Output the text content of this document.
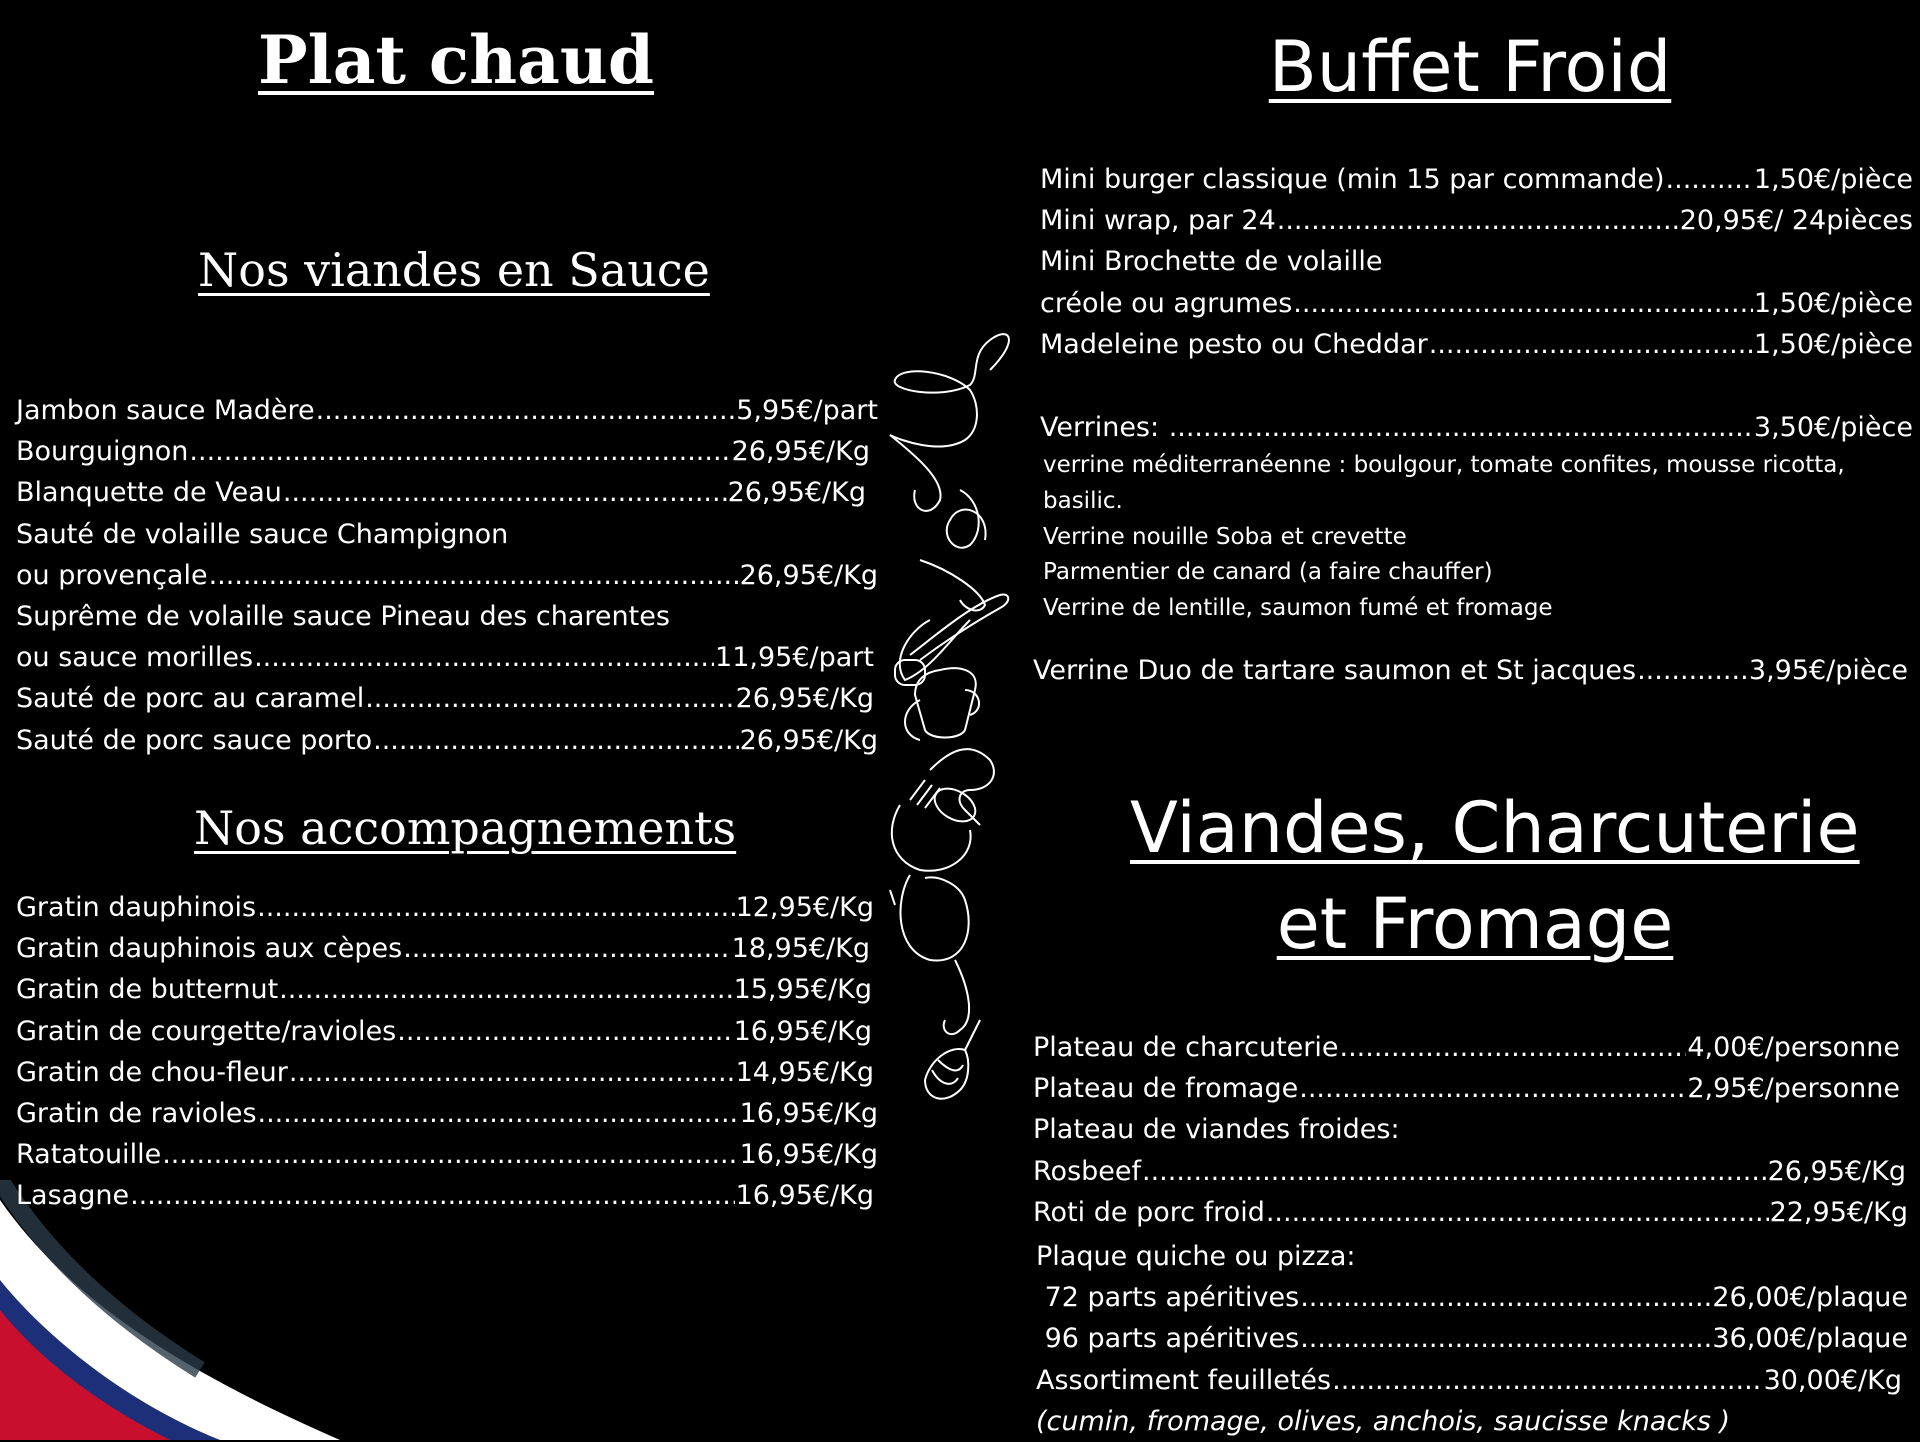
Plat chaud
Nos viandes en Sauce
Jambon sauce Madère .....	5,95€/part
Bourguignon .....	26,95€/Kg
Blanquette de Veau .....	26,95€/Kg
Sauté de volaille sauce Champignon
ou provençale .....	26,95€/Kg
Suprême de volaille sauce Pineau des charentes
ou sauce morilles .....	11,95€/part
Sauté de porc au caramel .....	26,95€/Kg
Sauté de porc sauce porto .....	26,95€/Kg
Nos accompagnements
Gratin dauphinois .....	12,95€/Kg
Gratin dauphinois aux cèpes .....	18,95€/Kg
Gratin de butternut .....	15,95€/Kg
Gratin de courgette/ravioles .....	16,95€/Kg
Gratin de chou-fleur .....	14,95€/Kg
Gratin de ravioles .....	16,95€/Kg
Ratatouille .....	16,95€/Kg
Lasagne .....	16,95€/Kg
Buffet Froid
Mini burger classique (min 15 par commande) .....	1,50€/pièce
Mini wrap, par 24 .....	20,95€/ 24pièces
Mini Brochette de volaille
créole ou agrumes .....	1,50€/pièce
Madeleine pesto ou Cheddar .....	1,50€/pièce
Verrines: .....	3,50€/pièce
verrine méditerranéenne : boulgour, tomate confites, mousse ricotta,
basilic.
Verrine nouille Soba et crevette
Parmentier de canard (a faire chauffer)
Verrine de lentille, saumon fumé et fromage
Verrine Duo de tartare saumon et St jacques .....	3,95€/pièce
Viandes, Charcuterie
et Fromage
Plateau de charcuterie .....	4,00€/personne
Plateau de fromage .....	2,95€/personne
Plateau de viandes froides:
Rosbeef .....	26,95€/Kg
Roti de porc froid .....	22,95€/Kg
Plaque quiche ou pizza:
72 parts apéritives .....	26,00€/plaque
96 parts apéritives .....	36,00€/plaque
Assortiment feuilletés .....	30,00€/Kg
(cumin, fromage, olives, anchois, saucisse knacks )
